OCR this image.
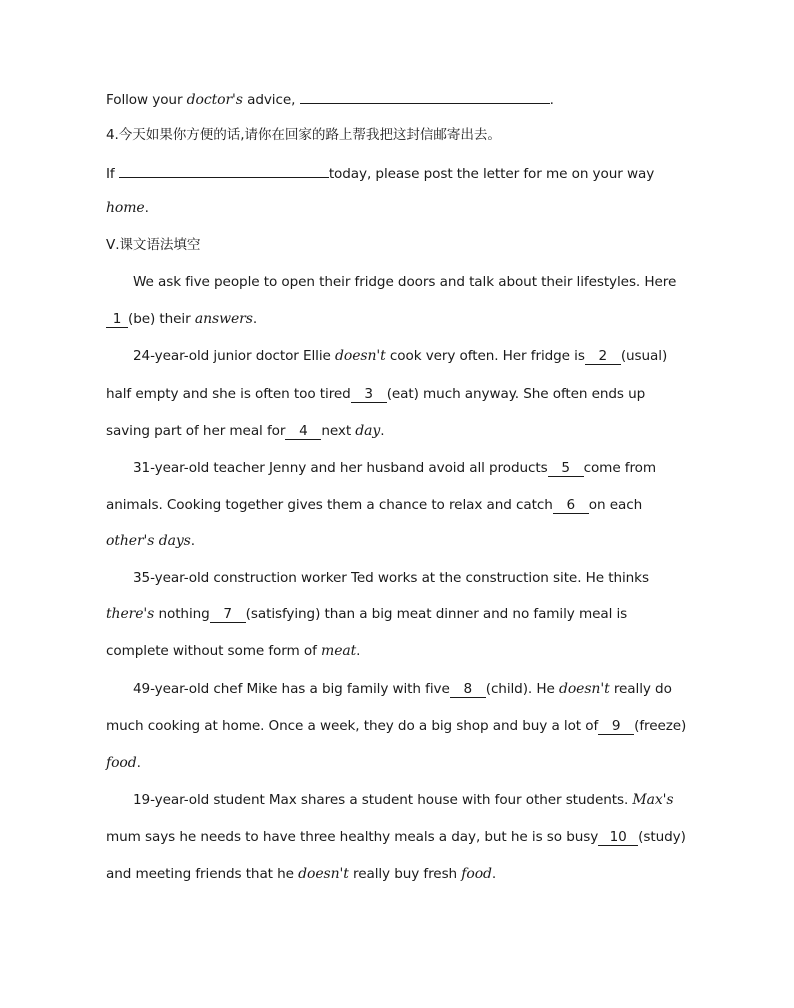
Follow your doctor's advice,	.
4.今天如果你方便的话,请你在回家的路上帮我把这封信邮寄出去。
If	today, please post the letter for me on your way
home.
Ⅴ.课文语法填空
We ask five people to open their fridge doors and talk about their lifestyles. Here
1 (be) their answers.
24-year-old junior doctor Ellie doesn't cook very often. Her fridge is 2 (usual)
half empty and she is often too tired 3 (eat) much anyway. She often ends up
saving part of her meal for 4 next day.
31-year-old teacher Jenny and her husband avoid all products 5 come from
animals. Cooking together gives them a chance to relax and catch 6 on each
other's days.
35-year-old construction worker Ted works at the construction site. He thinks
there's nothing 7 (satisfying) than a big meat dinner and no family meal is
complete without some form of meat.
49-year-old chef Mike has a big family with five 8 (child). He doesn't really do
much cooking at home. Once a week, they do a big shop and buy a lot of 9 (freeze)
food.
19-year-old student Max shares a student house with four other students. Max's
mum says he needs to have three healthy meals a day, but he is so busy 10 (study)
and meeting friends that he doesn't really buy fresh food.
